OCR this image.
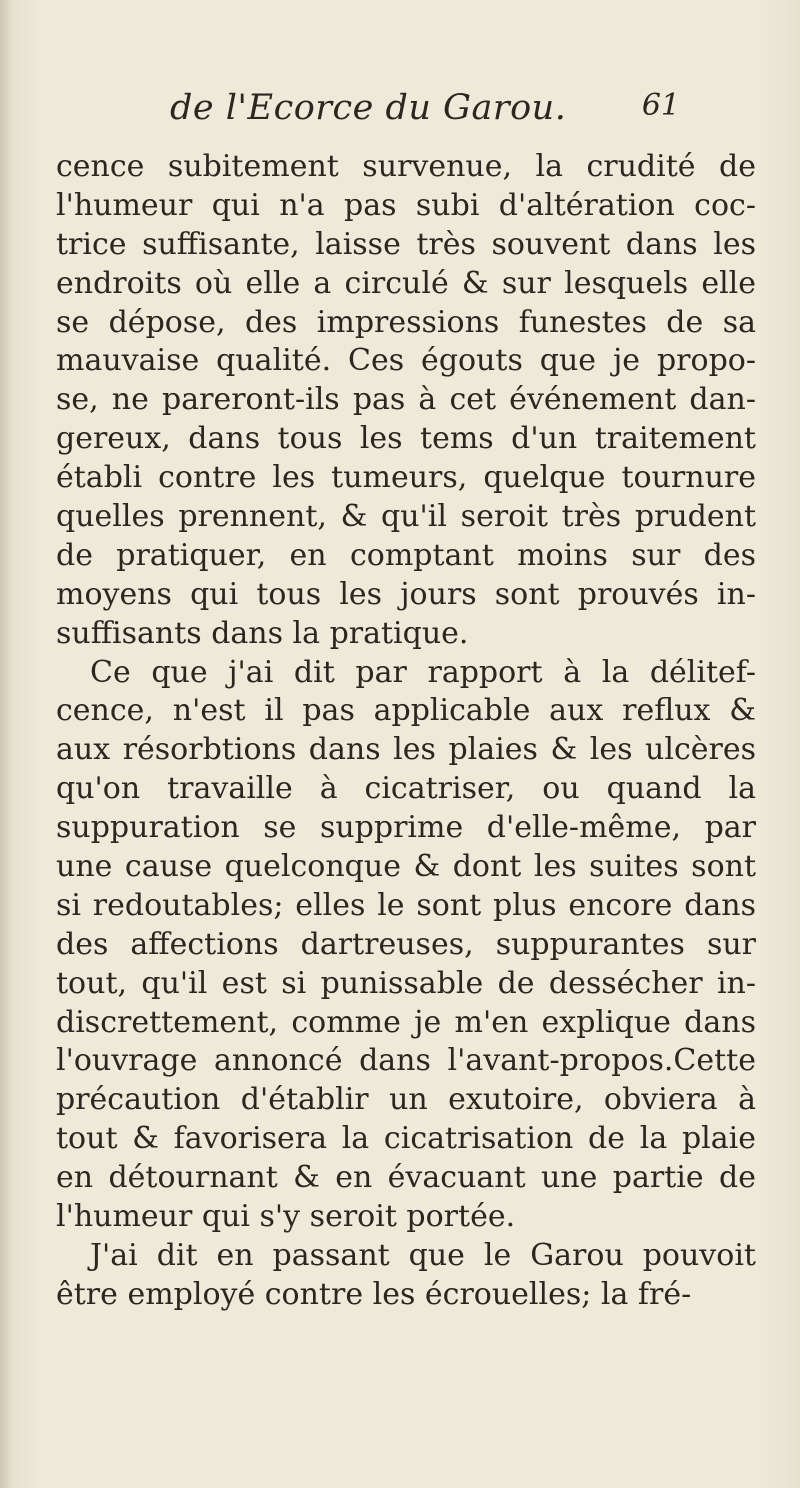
de l'Ecorce du Garou.	61
cence subitement survenue, la crudité de
l'humeur qui n'a pas subi d'altération coc-
trice suffisante, laisse très souvent dans les
endroits où elle a circulé & sur lesquels elle
se dépose, des impressions funestes de sa
mauvaise qualité. Ces égouts que je propo-
se, ne pareront-ils pas à cet événement dan-
gereux, dans tous les tems d'un traitement
établi contre les tumeurs, quelque tournure
quelles prennent, & qu'il seroit très prudent
de pratiquer, en comptant moins sur des
moyens qui tous les jours sont prouvés in-
suffisants dans la pratique.
Ce que j'ai dit par rapport à la délitef-
cence, n'est il pas applicable aux reflux &
aux résorbtions dans les plaies & les ulcères
qu'on travaille à cicatriser, ou quand la
suppuration se supprime d'elle-même, par
une cause quelconque & dont les suites sont
si redoutables; elles le sont plus encore dans
des affections dartreuses, suppurantes sur
tout, qu'il est si punissable de dessécher in-
discrettement, comme je m'en explique dans
l'ouvrage annoncé dans l'avant-propos.Cette
précaution d'établir un exutoire, obviera à
tout & favorisera la cicatrisation de la plaie
en détournant & en évacuant une partie de
l'humeur qui s'y seroit portée.
J'ai dit en passant que le Garou pouvoit
être employé contre les écrouelles; la fré-
